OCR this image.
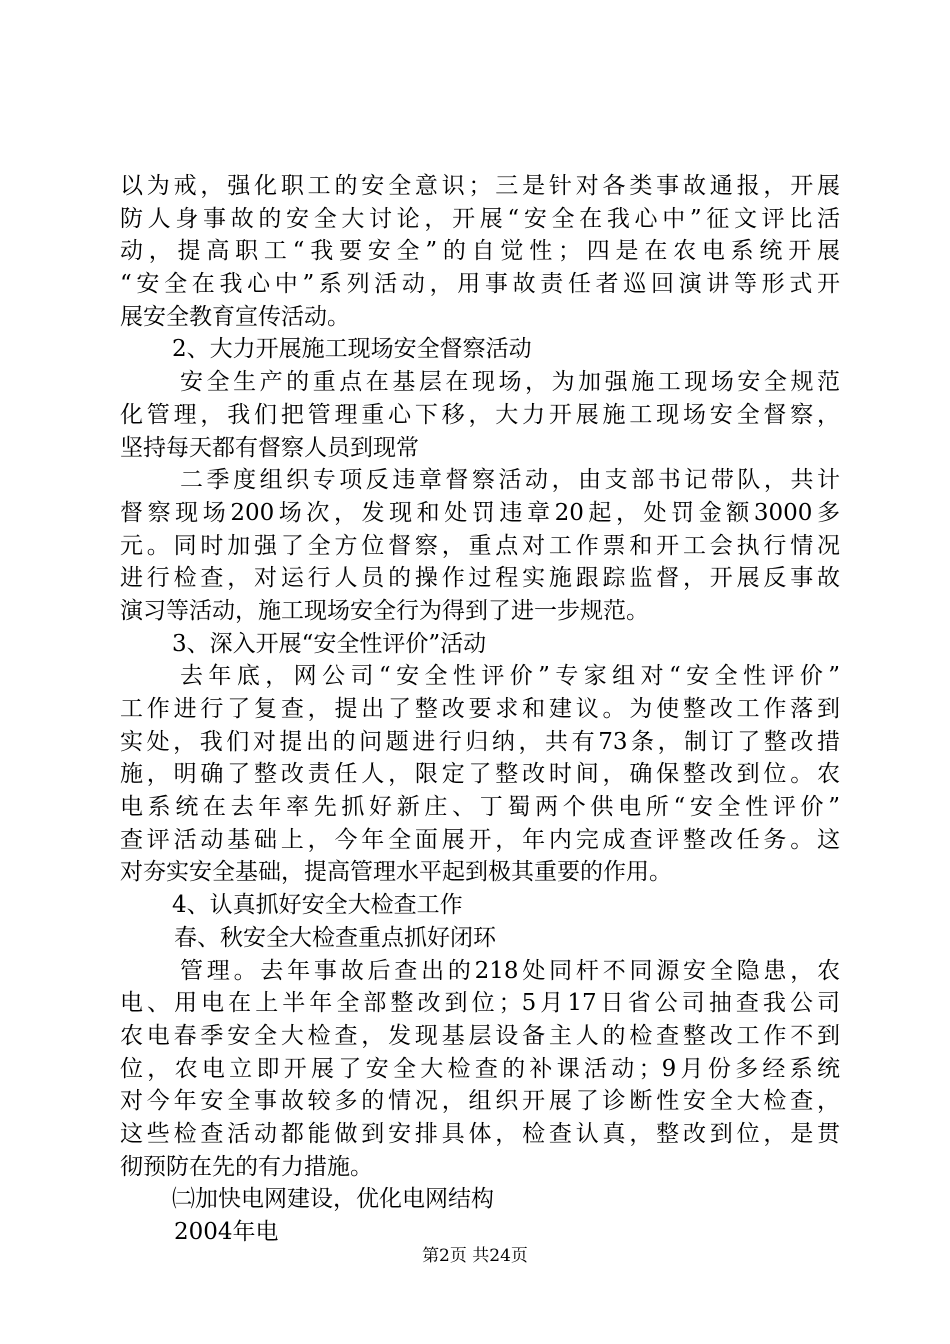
以为戒，强化职工的安全意识；三是针对各类事故通报，开展
防人身事故的安全大讨论，开展“安全在我心中”征文评比活
动，提高职工“我要安全”的自觉性；四是在农电系统开展
“安全在我心中”系列活动，用事故责任者巡回演讲等形式开
展安全教育宣传活动。
2、大力开展施工现场安全督察活动
安全生产的重点在基层在现场，为加强施工现场安全规范
化管理，我们把管理重心下移，大力开展施工现场安全督察，
坚持每天都有督察人员到现常
二季度组织专项反违章督察活动，由支部书记带队，共计
督察现场200场次，发现和处罚违章20起，处罚金额3000多
元。同时加强了全方位督察，重点对工作票和开工会执行情况
进行检查，对运行人员的操作过程实施跟踪监督，开展反事故
演习等活动，施工现场安全行为得到了进一步规范。
3、深入开展“安全性评价”活动
去年底，网公司“安全性评价”专家组对“安全性评价”
工作进行了复查，提出了整改要求和建议。为使整改工作落到
实处，我们对提出的问题进行归纳，共有73条，制订了整改措
施，明确了整改责任人，限定了整改时间，确保整改到位。农
电系统在去年率先抓好新庄、丁蜀两个供电所“安全性评价”
查评活动基础上，今年全面展开，年内完成查评整改任务。这
对夯实安全基础，提高管理水平起到极其重要的作用。
4、认真抓好安全大检查工作
春、秋安全大检查重点抓好闭环
管理。去年事故后查出的218处同杆不同源安全隐患，农
电、用电在上半年全部整改到位；5月17日省公司抽查我公司
农电春季安全大检查，发现基层设备主人的检查整改工作不到
位，农电立即开展了安全大检查的补课活动；9月份多经系统
对今年安全事故较多的情况，组织开展了诊断性安全大检查，
这些检查活动都能做到安排具体，检查认真，整改到位，是贯
彻预防在先的有力措施。
㈡加快电网建设，优化电网结构
2004年电
第2页 共24页
